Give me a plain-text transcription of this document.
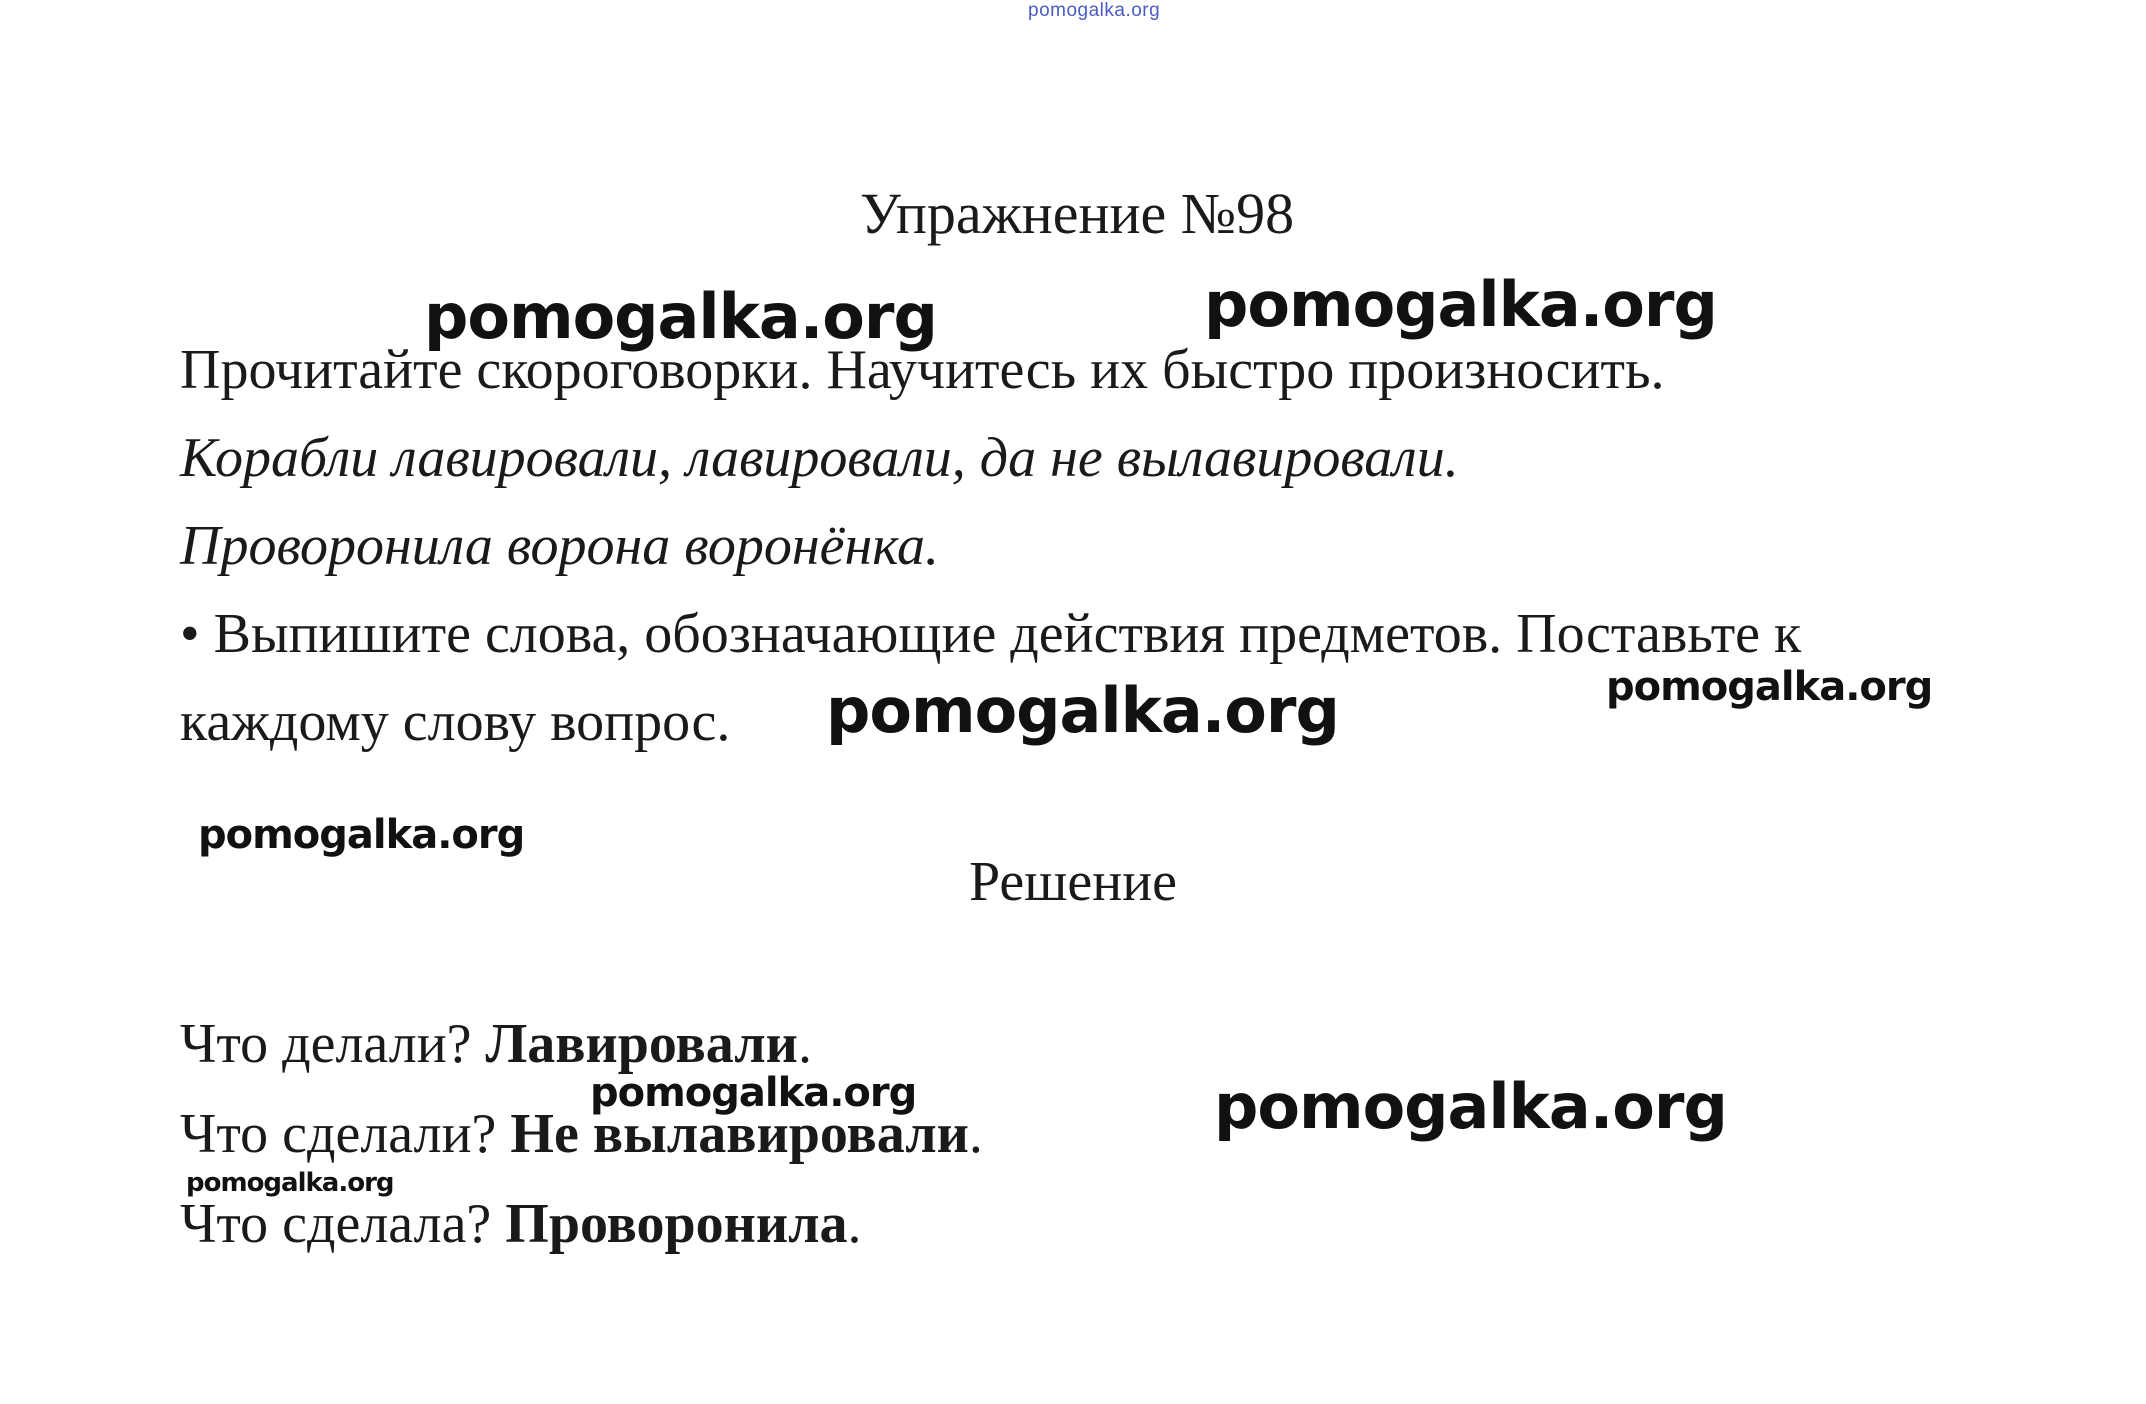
pomogalka.org
Упражнение №98
Прочитайте скороговорки. Научитесь их быстро произносить.
Корабли лавировали, лавировали, да не вылавировали.
Проворонила ворона воронёнка.
• Выпишите слова, обозначающие действия предметов. Поставьте к
каждому слову вопрос.
Решение
Что делали? Лавировали.
Что сделали? Не вылавировали.
Что сделала? Проворонила.
pomogalka.org	pomogalka.org
pomogalka.org	pomogalka.org
pomogalka.org
pomogalka.org	pomogalka.org
pomogalka.org
